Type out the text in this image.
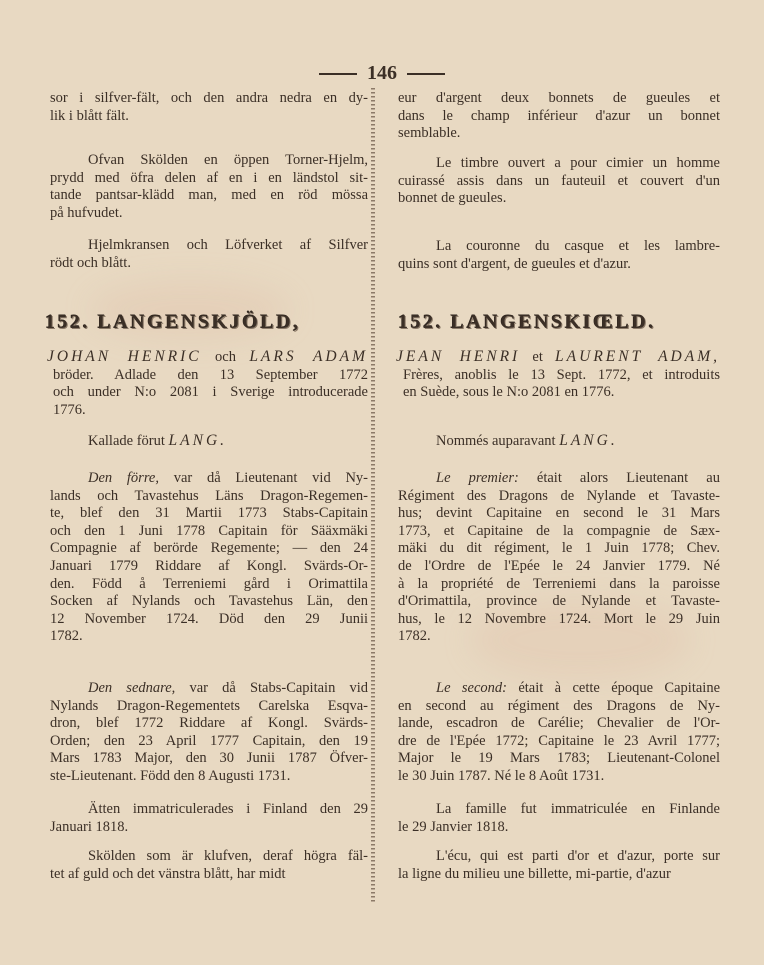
146
sor i silfver-fält, och den andra nedra en dy-
lik i blått fält.
Ofvan Skölden en öppen Torner-Hjelm,
prydd med öfra delen af en i en ländstol sit-
tande pantsar-klädd man, med en röd mössa
på hufvudet.
Hjelmkransen och Löfverket af Silfver
rödt och blått.
152. LANGENSKJÖLD,
JOHAN HENRIC och LARS ADAM
bröder. Adlade den 13 September 1772
och under N:o 2081 i Sverige introducerade
1776.
Kallade förut LANG.
Den förre, var då Lieutenant vid Ny-
lands och Tavastehus Läns Dragon-Regemen-
te, blef den 31 Martii 1773 Stabs-Capitain
och den 1 Juni 1778 Capitain för Sääxmäki
Compagnie af berörde Regemente; — den 24
Januari 1779 Riddare af Kongl. Svärds-Or-
den. Född å Terreniemi gård i Orimattila
Socken af Nylands och Tavastehus Län, den
12 November 1724. Död den 29 Junii
1782.
Den sednare, var då Stabs-Capitain vid
Nylands Dragon-Regementets Carelska Esqva-
dron, blef 1772 Riddare af Kongl. Svärds-
Orden; den 23 April 1777 Capitain, den 19
Mars 1783 Major, den 30 Junii 1787 Öfver-
ste-Lieutenant. Född den 8 Augusti 1731.
Ätten immatriculerades i Finland den 29
Januari 1818.
Skölden som är klufven, deraf högra fäl-
tet af guld och det vänstra blått, har midt
eur d'argent deux bonnets de gueules et
dans le champ inférieur d'azur un bonnet
semblable.
Le timbre ouvert a pour cimier un homme
cuirassé assis dans un fauteuil et couvert d'un
bonnet de gueules.
La couronne du casque et les lambre-
quins sont d'argent, de gueules et d'azur.
152. LANGENSKIŒLD.
JEAN HENRI et LAURENT ADAM,
Frères, anoblis le 13 Sept. 1772, et introduits
en Suède, sous le N:o 2081 en 1776.
Nommés auparavant LANG.
Le premier: était alors Lieutenant au
Régiment des Dragons de Nylande et Tavaste-
hus; devint Capitaine en second le 31 Mars
1773, et Capitaine de la compagnie de Sæx-
mäki du dit régiment, le 1 Juin 1778; Chev.
de l'Ordre de l'Epée le 24 Janvier 1779. Né
à la propriété de Terreniemi dans la paroisse
d'Orimattila, province de Nylande et Tavaste-
hus, le 12 Novembre 1724. Mort le 29 Juin
1782.
Le second: était à cette époque Capitaine
en second au régiment des Dragons de Ny-
lande, escadron de Carélie; Chevalier de l'Or-
dre de l'Epée 1772; Capitaine le 23 Avril 1777;
Major le 19 Mars 1783; Lieutenant-Colonel
le 30 Juin 1787. Né le 8 Août 1731.
La famille fut immatriculée en Finlande
le 29 Janvier 1818.
L'écu, qui est parti d'or et d'azur, porte sur
la ligne du milieu une billette, mi-partie, d'azur
